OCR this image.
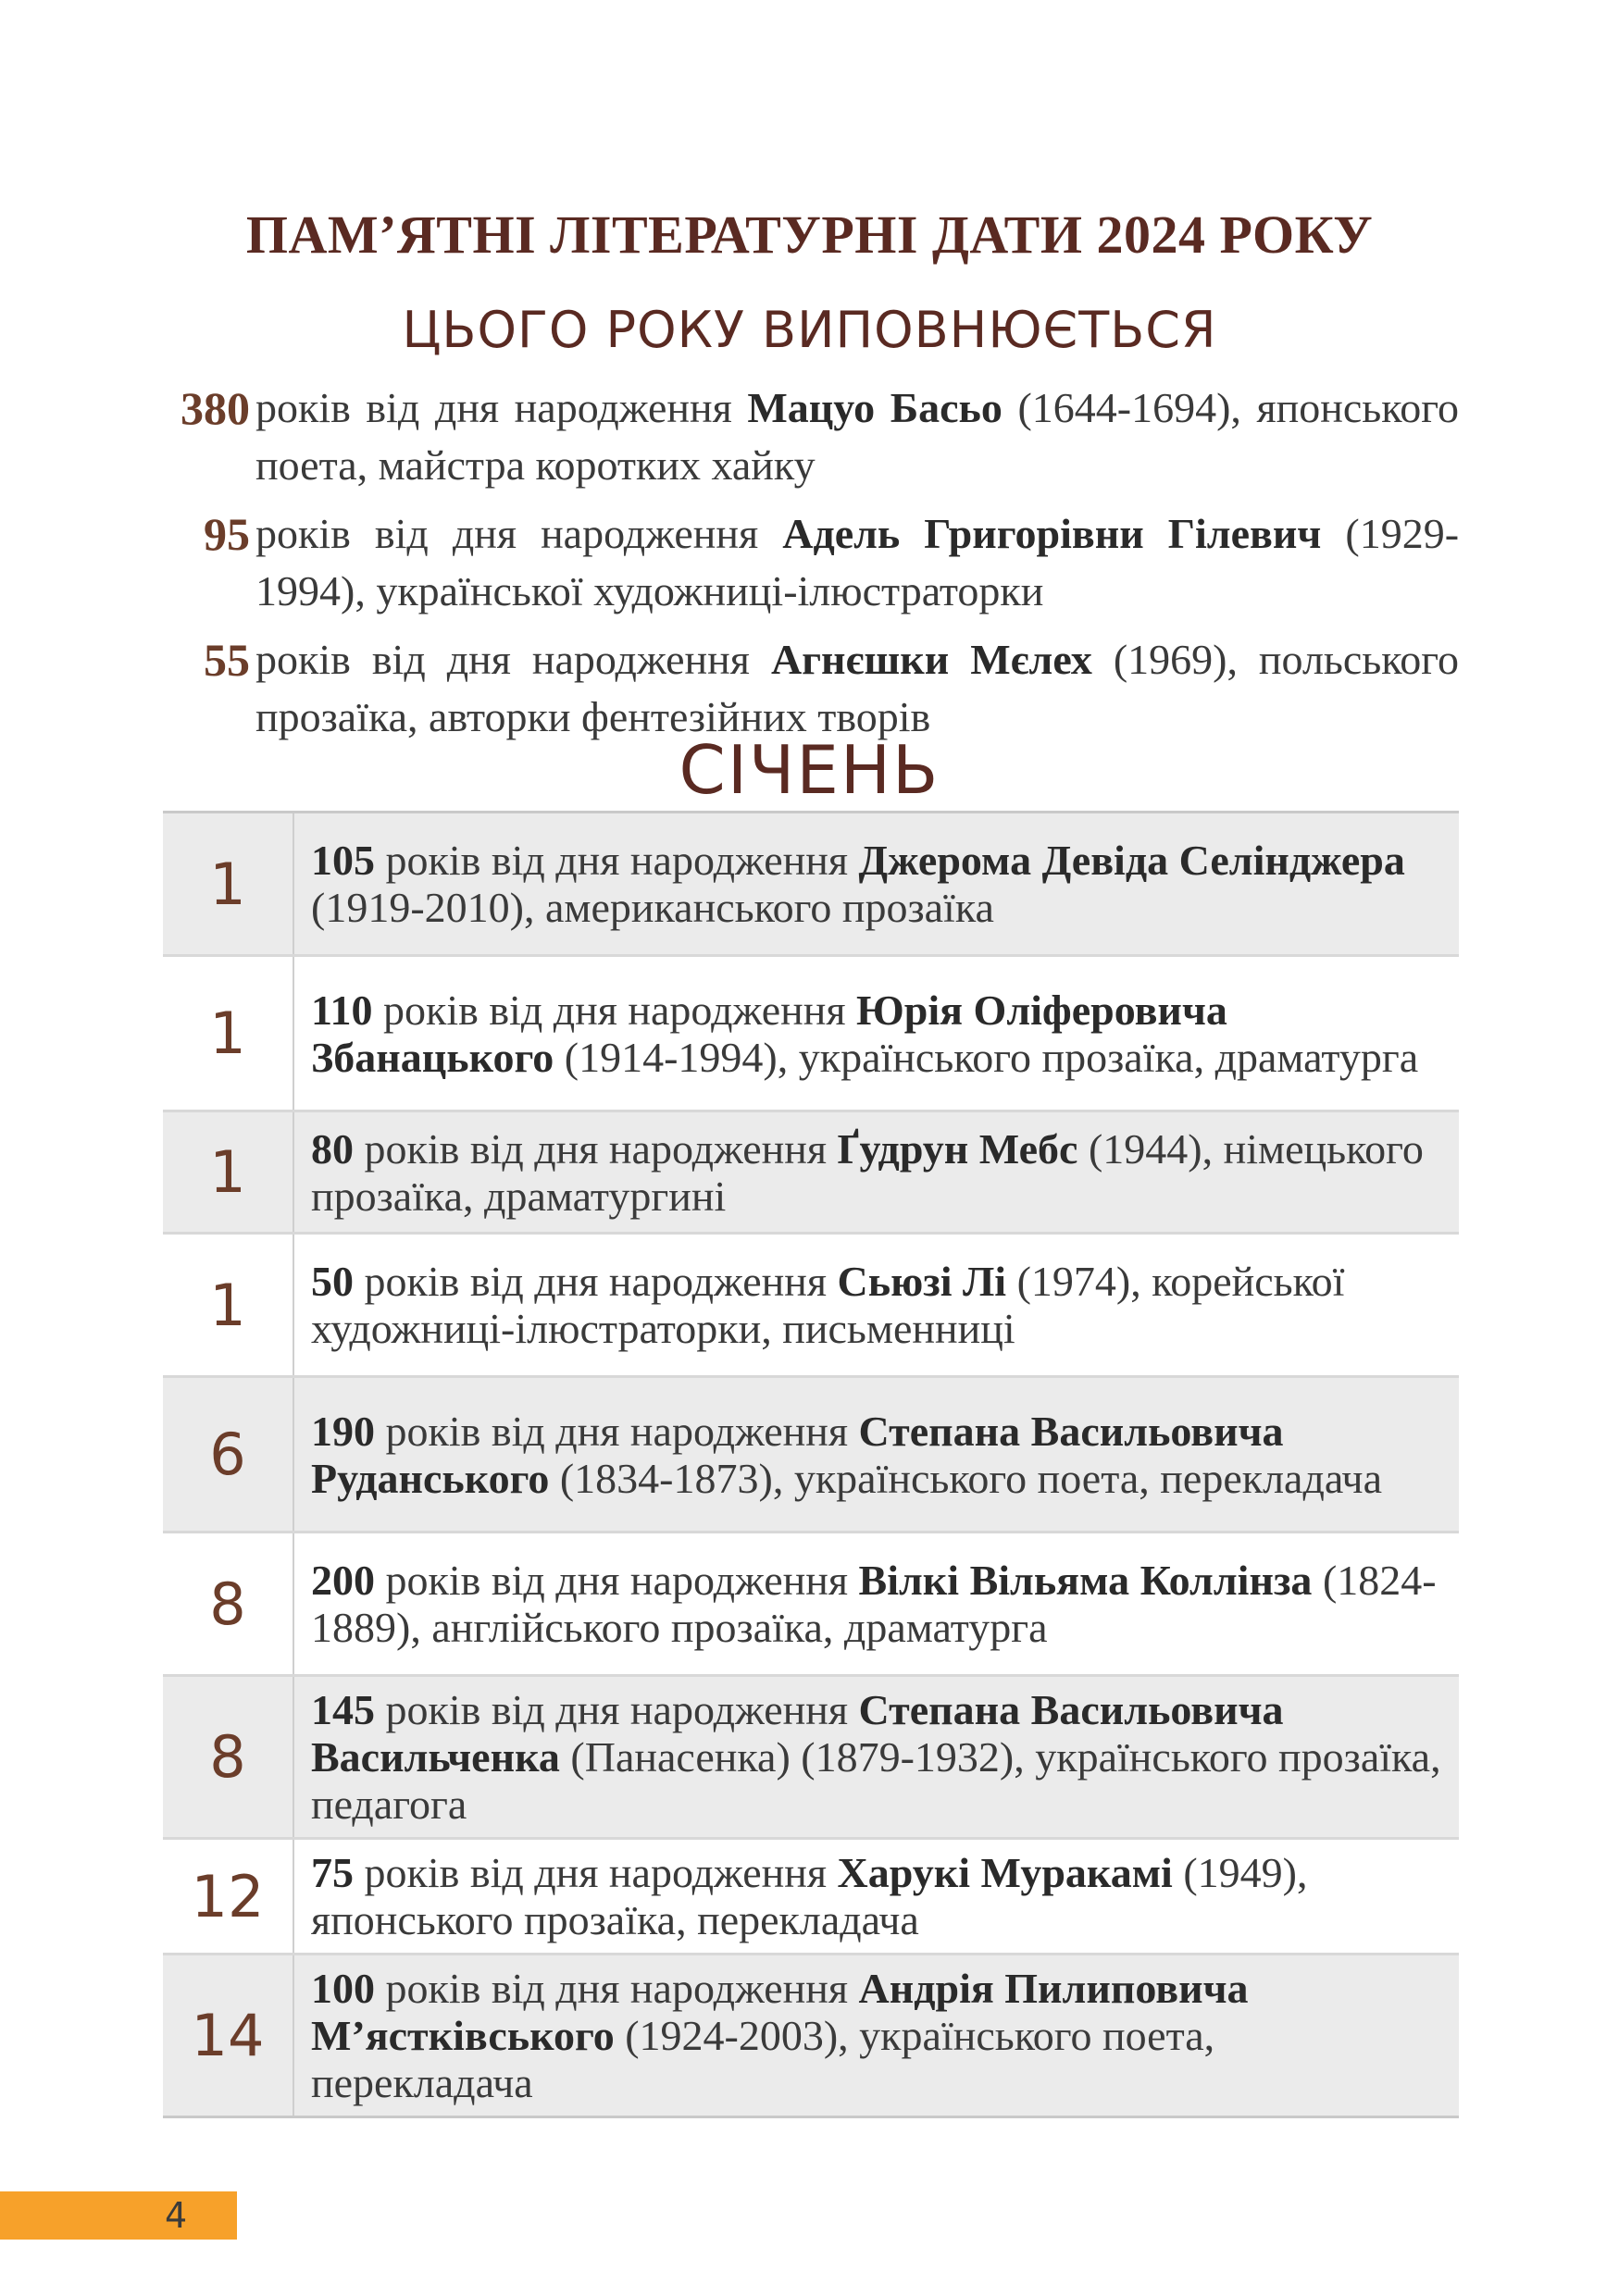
ПАМ’ЯТНІ ЛІТЕРАТУРНІ ДАТИ 2024 РОКУ
ЦЬОГО РОКУ ВИПОВНЮЄТЬСЯ
380 років від дня народження Мацуо Басьо (1644-1694), японського поета, майстра коротких хайку
95 років від дня народження Адель Григорівни Гілевич (1929-1994), української художниці-ілюстраторки
55 років від дня народження Агнєшки Мєлех (1969), польського прозаїка, авторки фентезійних творів
СІЧЕНЬ
1	105 років від дня народження Джерома Девіда Селінджера (1919-2010), американського прозаїка
1	110 років від дня народження Юрія Оліферовича Збанацького (1914-1994), українського прозаїка, драматурга
1	80 років від дня народження Ґудрун Мебс (1944), німецького прозаїка, драматургині
1	50 років від дня народження Сьюзі Лі (1974), корейської художниці-ілюстраторки, письменниці
6	190 років від дня народження Степана Васильовича Руданського (1834-1873), українського поета, перекладача
8	200 років від дня народження Вілкі Вільяма Коллінза (1824-1889), англійського прозаїка, драматурга
8	145 років від дня народження Степана Васильовича Васильченка (Панасенка) (1879-1932), українського прозаїка, педагога
12	75 років від дня народження Харукі Муракамі (1949), японського прозаїка, перекладача
14	100 років від дня народження Андрія Пилиповича М’ястківського (1924-2003), українського поета, перекладача
4
